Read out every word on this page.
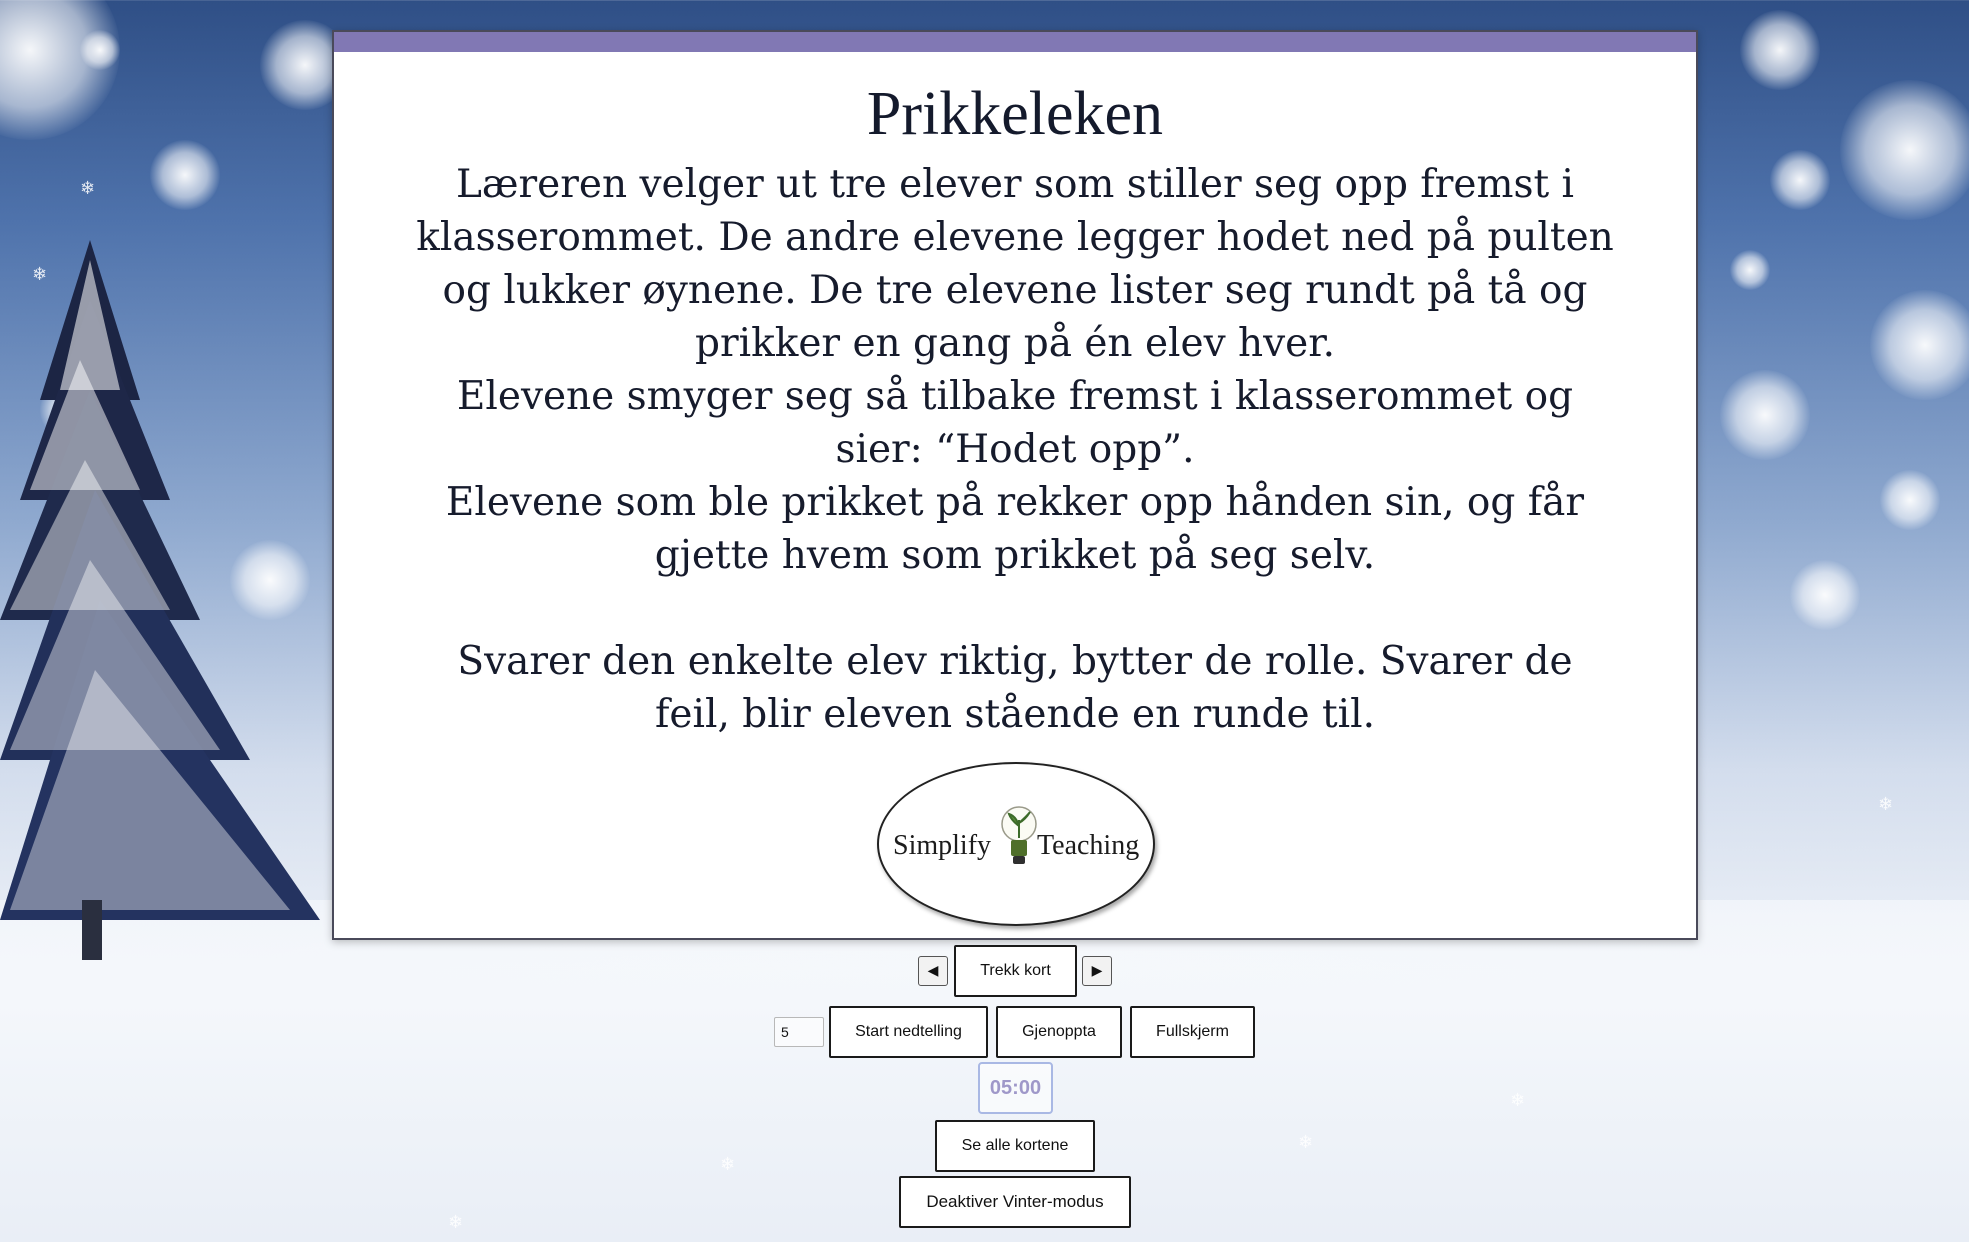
❄
❄
❄
❄
❄
❄
❄
Prikkeleken

Læreren velger ut tre elever som stiller seg opp fremst i klasserommet. De andre elevene legger hodet ned på pulten og lukker øynene. De tre elevene lister seg rundt på tå og prikker en gang på én elev hver.

Elevene smyger seg så tilbake fremst i klasserommet og sier: “Hodet opp”.

Elevene som ble prikket på rekker opp hånden sin, og får gjette hvem som prikket på seg selv.

Svarer den enkelte elev riktig, bytter de rolle. Svarer de feil, blir eleven stående en runde til.

Simplify Teaching
◀	Trekk kort	▶
5
Start nedtelling	Gjenoppta	Fullskjerm
05:00
Se alle kortene
Deaktiver Vinter-modus
